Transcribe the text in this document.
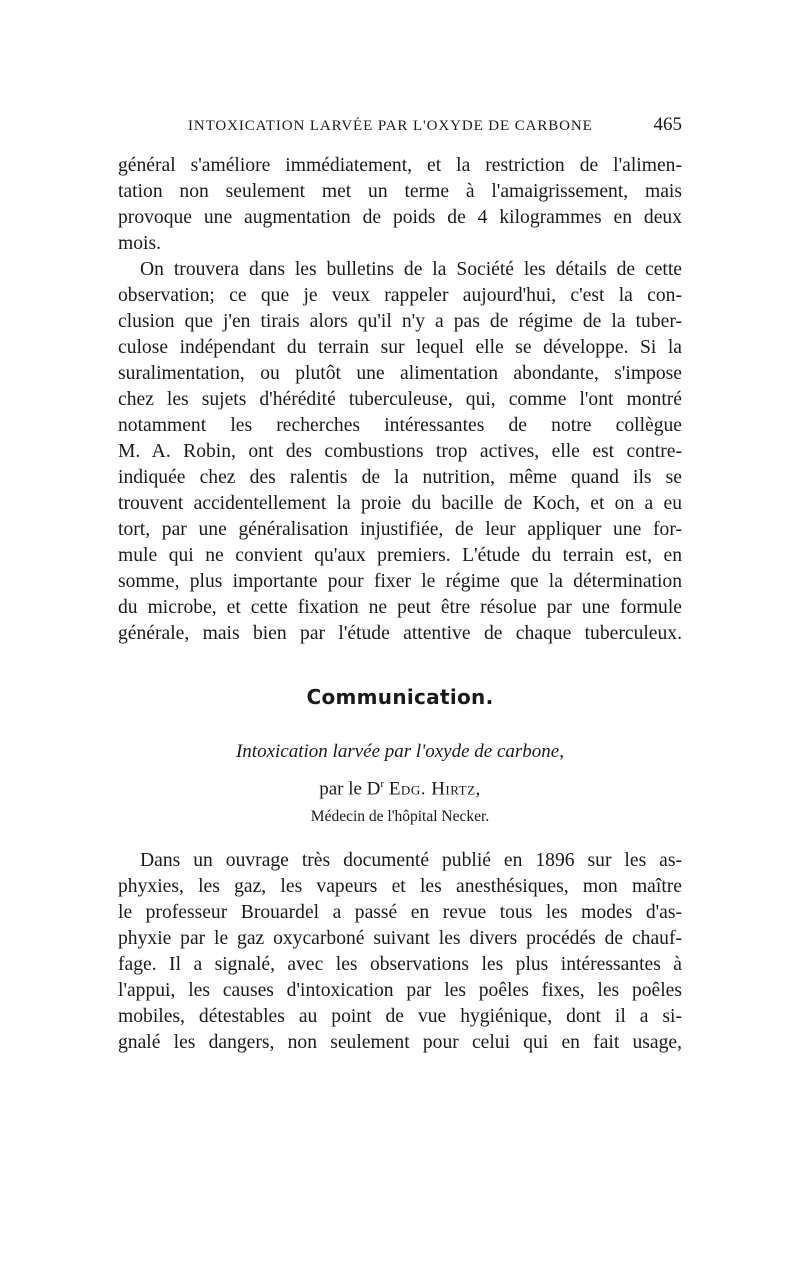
INTOXICATION LARVÉE PAR L'OXYDE DE CARBONE	465
général s'améliore immédiatement, et la restriction de l'alimen-
tation non seulement met un terme à l'amaigrissement, mais
provoque une augmentation de poids de 4 kilogrammes en deux
mois.
On trouvera dans les bulletins de la Société les détails de cette
observation; ce que je veux rappeler aujourd'hui, c'est la con-
clusion que j'en tirais alors qu'il n'y a pas de régime de la tuber-
culose indépendant du terrain sur lequel elle se développe. Si la
suralimentation, ou plutôt une alimentation abondante, s'impose
chez les sujets d'hérédité tuberculeuse, qui, comme l'ont montré
notamment les recherches intéressantes de notre collègue
M. A. Robin, ont des combustions trop actives, elle est contre-
indiquée chez des ralentis de la nutrition, même quand ils se
trouvent accidentellement la proie du bacille de Koch, et on a eu
tort, par une généralisation injustifiée, de leur appliquer une for-
mule qui ne convient qu'aux premiers. L'étude du terrain est, en
somme, plus importante pour fixer le régime que la détermination
du microbe, et cette fixation ne peut être résolue par une formule
générale, mais bien par l'étude attentive de chaque tuberculeux.
Communication.
Intoxication larvée par l'oxyde de carbone,
par le $D^r$ Edg. Hirtz,
Médecin de l'hôpital Necker.
Dans un ouvrage très documenté publié en 1896 sur les as-
phyxies, les gaz, les vapeurs et les anesthésiques, mon maître
le professeur Brouardel a passé en revue tous les modes d'as-
phyxie par le gaz oxycarboné suivant les divers procédés de chauf-
fage. Il a signalé, avec les observations les plus intéressantes à
l'appui, les causes d'intoxication par les poêles fixes, les poêles
mobiles, détestables au point de vue hygiénique, dont il a si-
gnalé les dangers, non seulement pour celui qui en fait usage,
